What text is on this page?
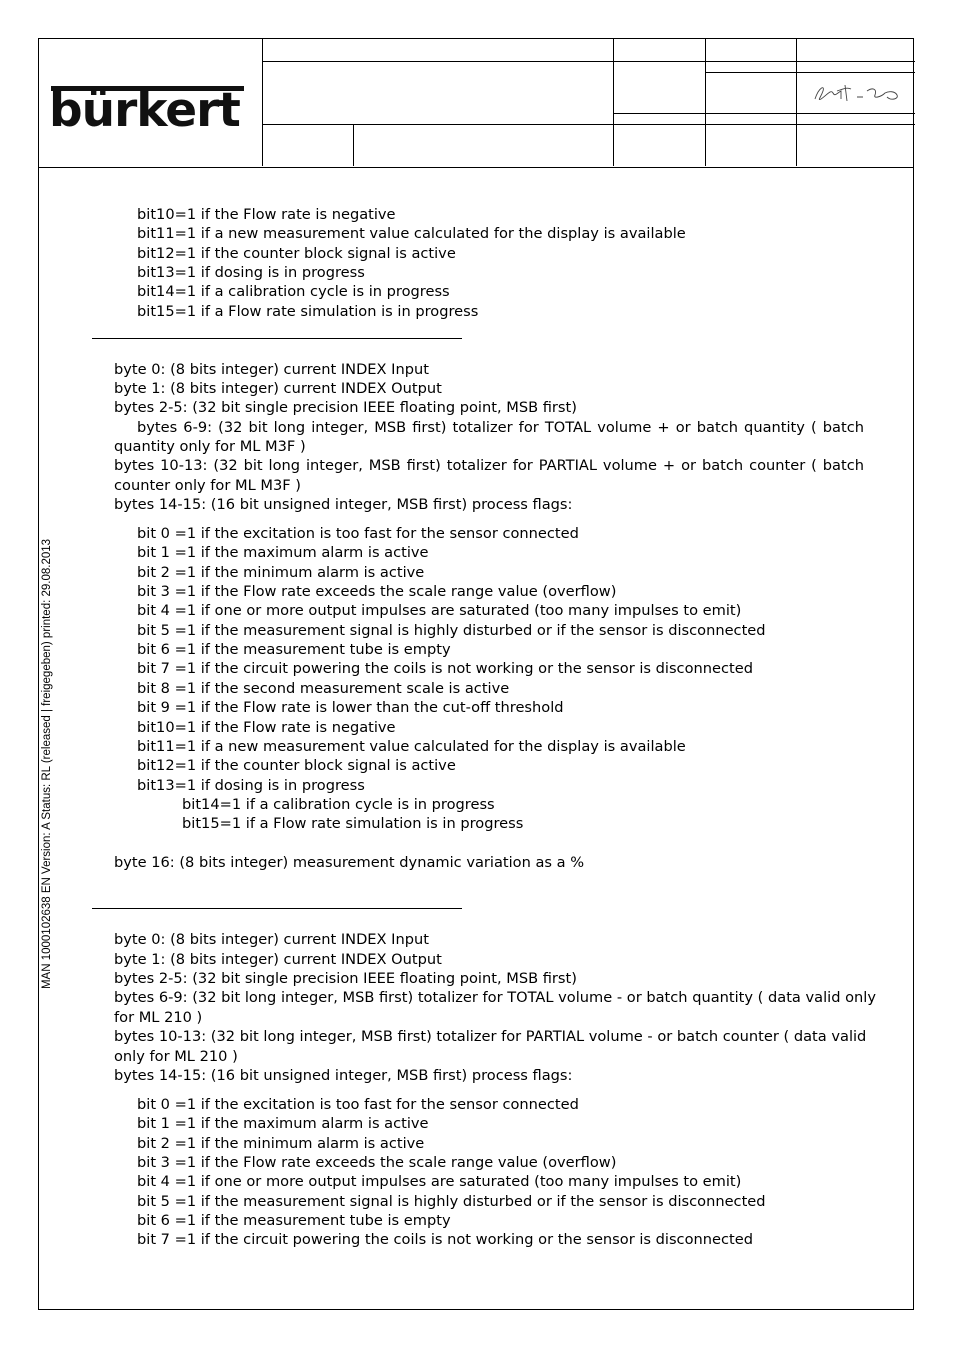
bürkert
MAN 1000102638 EN Version: A Status: RL (released | freigegeben) printed: 29.08.2013
bit10=1 if the Flow rate is negative
bit11=1 if a new measurement value calculated for the display is available
bit12=1 if the counter block signal is active
bit13=1 if dosing is in progress
bit14=1 if a calibration cycle is in progress
bit15=1 if a Flow rate simulation is in progress
byte 0: (8 bits integer) current INDEX Input
byte 1: (8 bits integer) current INDEX Output
bytes 2-5: (32 bit single precision IEEE floating point, MSB first)
bytes 6-9: (32 bit long integer, MSB first) totalizer for TOTAL volume + or batch quantity ( batch
quantity only for ML M3F )
bytes 10-13: (32 bit long integer, MSB first) totalizer for PARTIAL volume + or batch counter ( batch
counter only for ML M3F )
bytes 14-15: (16 bit unsigned integer, MSB first) process flags:
bit 0 =1 if the excitation is too fast for the sensor connected
bit 1 =1 if the maximum alarm is active
bit 2 =1 if the minimum alarm is active
bit 3 =1 if the Flow rate exceeds the scale range value (overflow)
bit 4 =1 if one or more output impulses are saturated (too many impulses to emit)
bit 5 =1 if the measurement signal is highly disturbed or if the sensor is disconnected
bit 6 =1 if the measurement tube is empty
bit 7 =1 if the circuit powering the coils is not working or the sensor is disconnected
bit 8 =1 if the second measurement scale is active
bit 9 =1 if the Flow rate is lower than the cut-off threshold
bit10=1 if the Flow rate is negative
bit11=1 if a new measurement value calculated for the display is available
bit12=1 if the counter block signal is active
bit13=1 if dosing is in progress
bit14=1 if a calibration cycle is in progress
bit15=1 if a Flow rate simulation is in progress
byte 16: (8 bits integer) measurement dynamic variation as a %
byte 0: (8 bits integer) current INDEX Input
byte 1: (8 bits integer) current INDEX Output
bytes 2-5: (32 bit single precision IEEE floating point, MSB first)
bytes 6-9: (32 bit long integer, MSB first) totalizer for TOTAL volume - or batch quantity ( data valid only
for ML 210 )
bytes 10-13: (32 bit long integer, MSB first) totalizer for PARTIAL volume - or batch counter ( data valid
only for ML 210 )
bytes 14-15: (16 bit unsigned integer, MSB first) process flags:
bit 0 =1 if the excitation is too fast for the sensor connected
bit 1 =1 if the maximum alarm is active
bit 2 =1 if the minimum alarm is active
bit 3 =1 if the Flow rate exceeds the scale range value (overflow)
bit 4 =1 if one or more output impulses are saturated (too many impulses to emit)
bit 5 =1 if the measurement signal is highly disturbed or if the sensor is disconnected
bit 6 =1 if the measurement tube is empty
bit 7 =1 if the circuit powering the coils is not working or the sensor is disconnected
